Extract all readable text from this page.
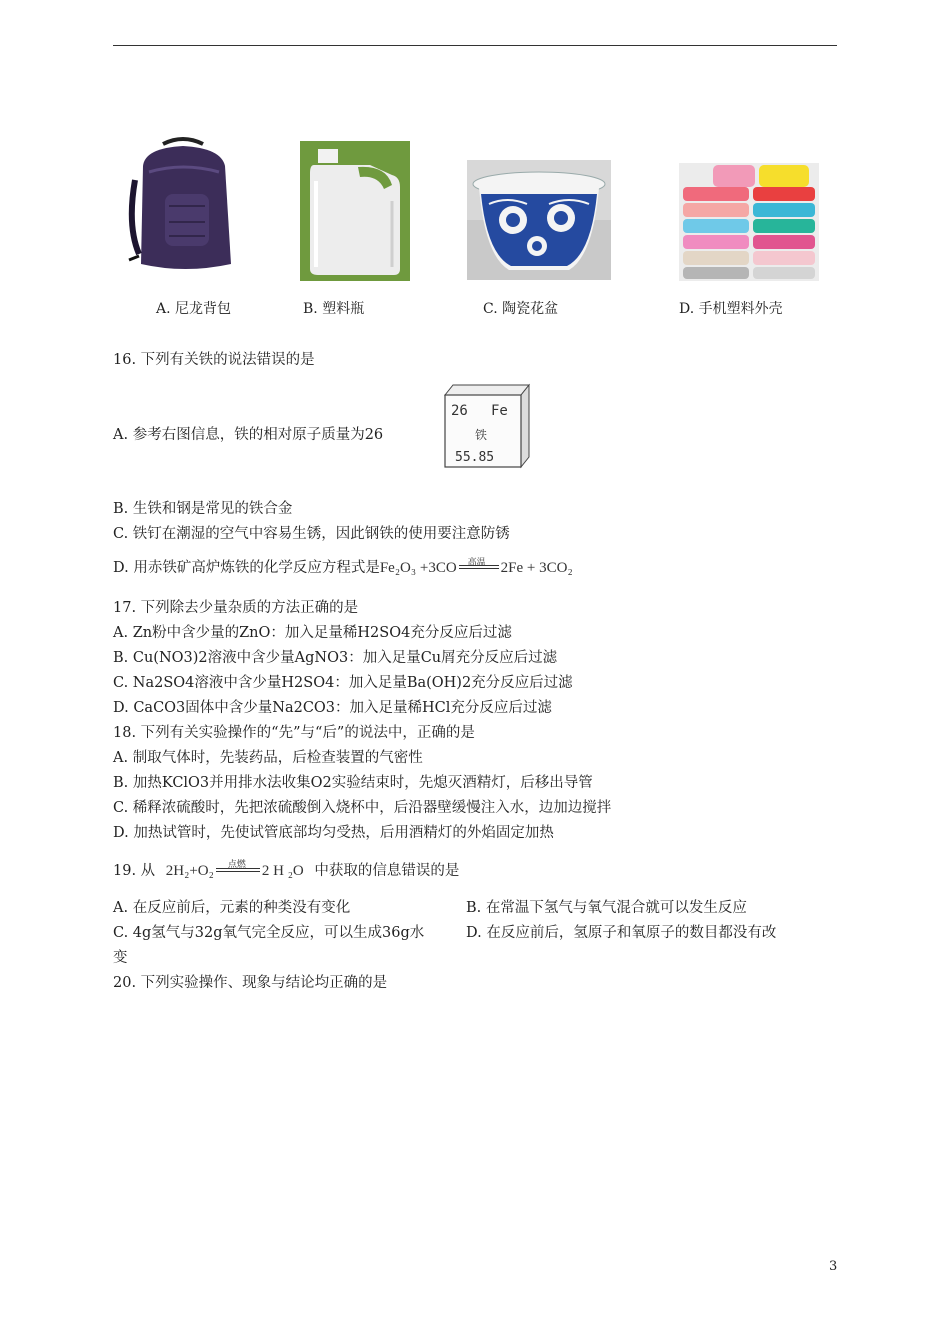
A. 尼龙背包	B. 塑料瓶	C. 陶瓷花盆	D. 手机塑料外壳
16. 下列有关铁的说法错误的是
A. 参考右图信息，铁的相对原子质量为26
26 Fe
铁
55.85
B. 生铁和钢是常见的铁合金
C. 铁钉在潮湿的空气中容易生锈，因此钢铁的使用要注意防锈
D. 用赤铁矿高炉炼铁的化学反应方程式是Fe₂O₃ +3CO 高温 2Fe + 3CO₂
17. 下列除去少量杂质的方法正确的是
A. Zn粉中含少量的ZnO：加入足量稀H2SO4充分反应后过滤
B. Cu(NO3)2溶液中含少量AgNO3：加入足量Cu屑充分反应后过滤
C. Na2SO4溶液中含少量H2SO4：加入足量Ba(OH)2充分反应后过滤
D. CaCO3固体中含少量Na2CO3：加入足量稀HCl充分反应后过滤
18. 下列有关实验操作的“先”与“后”的说法中，正确的是
A. 制取气体时，先装药品，后检查装置的气密性
B. 加热KClO3并用排水法收集O2实验结束时，先熄灭酒精灯，后移出导管
C. 稀释浓硫酸时，先把浓硫酸倒入烧杯中，后沿器壁缓慢注入水，边加边搅拌
D. 加热试管时，先使试管底部均匀受热，后用酒精灯的外焰固定加热
19. 从 2H₂+O₂ 点燃 2 H ₂O 中获取的信息错误的是
A. 在反应前后，元素的种类没有变化	B. 在常温下氢气与氧气混合就可以发生反应
C. 4g氢气与32g氧气完全反应，可以生成36g水	D. 在反应前后，氢原子和氧原子的数目都没有改
变
20. 下列实验操作、现象与结论均正确的是
3
